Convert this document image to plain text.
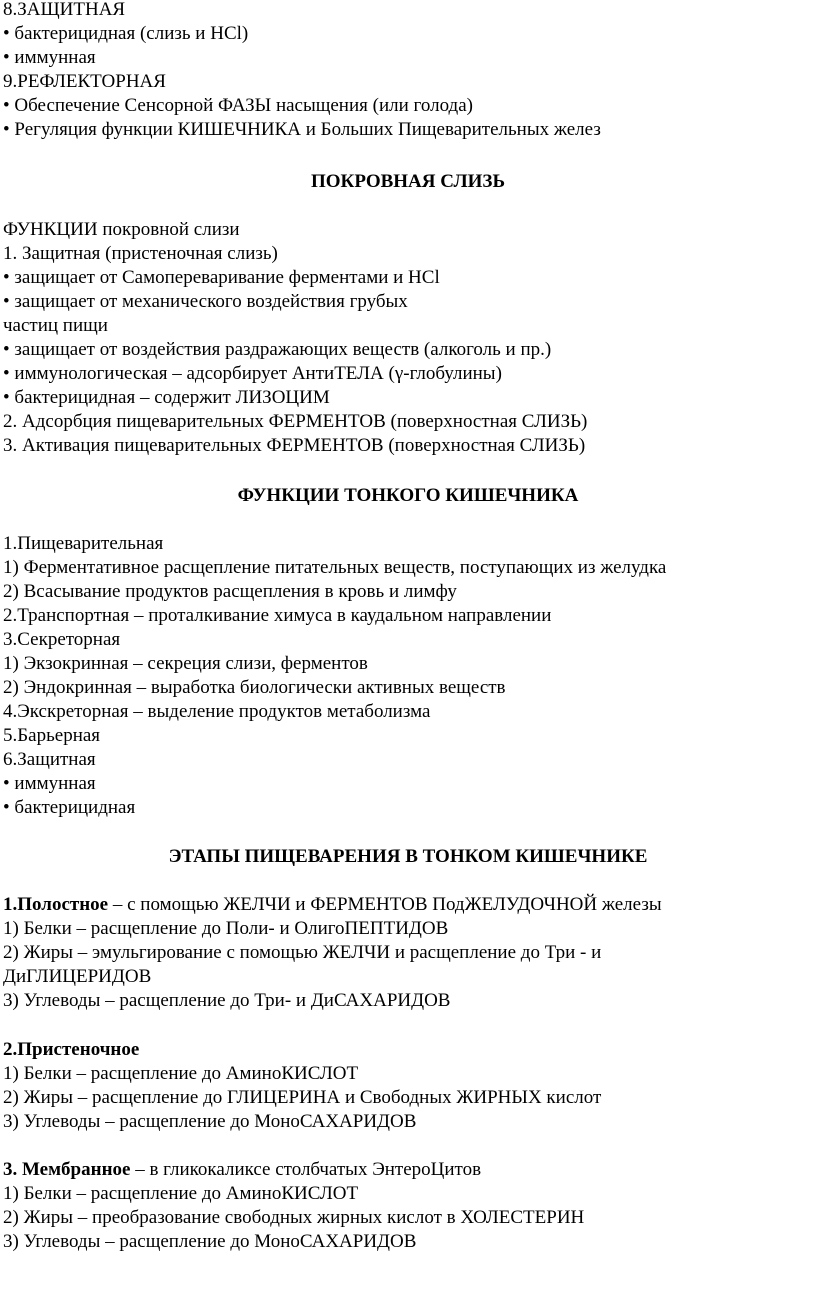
8.ЗАЩИТНАЯ
• бактерицидная (слизь и HCl)
• иммунная
9.РЕФЛЕКТОРНАЯ
• Обеспечение Сенсорной ФАЗЫ насыщения (или голода)
• Регуляция функции КИШЕЧНИКА и Больших Пищеварительных желез
ПОКРОВНАЯ СЛИЗЬ
ФУНКЦИИ покровной слизи
1. Защитная (пристеночная слизь)
• защищает от Самопереваривание ферментами и HCl
• защищает от механического воздействия грубых
частиц пищи
• защищает от воздействия раздражающих веществ (алкоголь и пр.)
• иммунологическая – адсорбирует АнтиТЕЛА (γ-глобулины)
• бактерицидная – содержит ЛИЗОЦИМ
2. Адсорбция пищеварительных ФЕРМЕНТОВ (поверхностная СЛИЗЬ)
3. Активация пищеварительных ФЕРМЕНТОВ (поверхностная СЛИЗЬ)
ФУНКЦИИ ТОНКОГО КИШЕЧНИКА
1.Пищеварительная
1) Ферментативное расщепление питательных веществ, поступающих из желудка
2) Всасывание продуктов расщепления в кровь и лимфу
2.Транспортная – проталкивание химуса в каудальном направлении
3.Секреторная
1) Экзокринная – секреция слизи, ферментов
2) Эндокринная – выработка биологически активных веществ
4.Экскреторная – выделение продуктов метаболизма
5.Барьерная
6.Защитная
• иммунная
• бактерицидная
ЭТАПЫ ПИЩЕВАРЕНИЯ В ТОНКОМ КИШЕЧНИКЕ
1.Полостное – с помощью ЖЕЛЧИ и ФЕРМЕНТОВ ПодЖЕЛУДОЧНОЙ железы
1) Белки – расщепление до Поли- и ОлигоПЕПТИДОВ
2) Жиры – эмульгирование с помощью ЖЕЛЧИ и расщепление до Три - и
ДиГЛИЦЕРИДОВ
3) Углеводы – расщепление до Три- и ДиСАХАРИДОВ
2.Пристеночное
1) Белки – расщепление до АминоКИСЛОТ
2) Жиры – расщепление до ГЛИЦЕРИНА и Свободных ЖИРНЫХ кислот
3) Углеводы – расщепление до МоноСАХАРИДОВ
3. Мембранное – в гликокаликсе столбчатых ЭнтероЦитов
1) Белки – расщепление до АминоКИСЛОТ
2) Жиры – преобразование свободных жирных кислот в ХОЛЕСТЕРИН
3) Углеводы – расщепление до МоноСАХАРИДОВ
